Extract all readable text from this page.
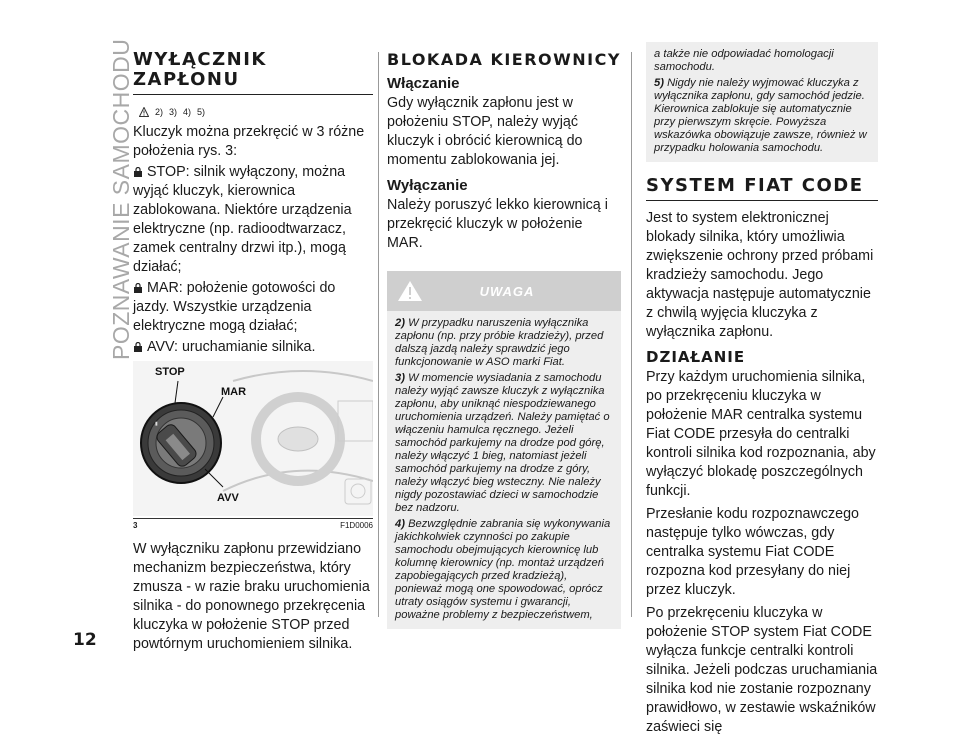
POZNAWANIE SAMOCHODU
12
WYŁĄCZNIK
ZAPŁONU
2) 3) 4) 5)

Kluczyk można przekręcić w 3 różne położenia rys. 3:

STOP: silnik wyłączony, można wyjąć kluczyk, kierownica zablokowana. Niektóre urządzenia elektryczne (np. radioodtwarzacz, zamek centralny drzwi itp.), mogą działać;

MAR: położenie gotowości do jazdy. Wszystkie urządzenia elektryczne mogą działać;

AVV: uruchamianie silnika.

▮
STOP
MAR
AVV
3	F1D0006

W wyłączniku zapłonu przewidziano mechanizm bezpieczeństwa, który zmusza - w razie braku uruchomienia silnika - do ponownego przekręcenia kluczyka w położenie STOP przed powtórnym uruchomieniem silnika.

BLOKADA KIEROWNICY
Włączanie

Gdy wyłącznik zapłonu jest w położeniu STOP, należy wyjąć kluczyk i obrócić kierownicą do momentu zablokowania jej.

Wyłączanie

Należy poruszyć lekko kierownicą i przekręcić kluczyk w położenie MAR.

UWAGA

2) W przypadku naruszenia wyłącznika zapłonu (np. przy próbie kradzieży), przed dalszą jazdą należy sprawdzić jego funkcjonowanie w ASO marki Fiat.

3) W momencie wysiadania z samochodu należy wyjąć zawsze kluczyk z wyłącznika zapłonu, aby uniknąć niespodziewanego uruchomienia urządzeń. Należy pamiętać o włączeniu hamulca ręcznego. Jeżeli samochód parkujemy na drodze pod górę, należy włączyć 1 bieg, natomiast jeżeli samochód parkujemy na drodze z góry, należy włączyć bieg wsteczny. Nie należy nigdy pozostawiać dzieci w samochodzie bez nadzoru.

4) Bezwzględnie zabrania się wykonywania jakichkolwiek czynności po zakupie samochodu obejmujących kierownicę lub kolumnę kierownicy (np. montaż urządzeń zapobiegających przed kradzieżą), ponieważ mogą one spowodować, oprócz utraty osiągów systemu i gwarancji, poważne problemy z bezpieczeństwem,

a także nie odpowiadać homologacji samochodu.

5) Nigdy nie należy wyjmować kluczyka z wyłącznika zapłonu, gdy samochód jedzie. Kierownica zablokuje się automatycznie przy pierwszym skręcie. Powyższa wskazówka obowiązuje zawsze, również w przypadku holowania samochodu.

SYSTEM FIAT CODE

Jest to system elektronicznej blokady silnika, który umożliwia zwiększenie ochrony przed próbami kradzieży samochodu. Jego aktywacja następuje automatycznie z chwilą wyjęcia kluczyka z wyłącznika zapłonu.

DZIAŁANIE

Przy każdym uruchomienia silnika, po przekręceniu kluczyka w położenie MAR centralka systemu Fiat CODE przesyła do centralki kontroli silnika kod rozpoznania, aby wyłączyć blokadę poszczególnych funkcji.

Przesłanie kodu rozpoznawczego następuje tylko wówczas, gdy centralka systemu Fiat CODE rozpozna kod przesyłany do niej przez kluczyk.

Po przekręceniu kluczyka w położenie STOP system Fiat CODE wyłącza funkcje centralki kontroli silnika. Jeżeli podczas uruchamiania silnika kod nie zostanie rozpoznany prawidłowo, w zestawie wskaźników zaświeci się
